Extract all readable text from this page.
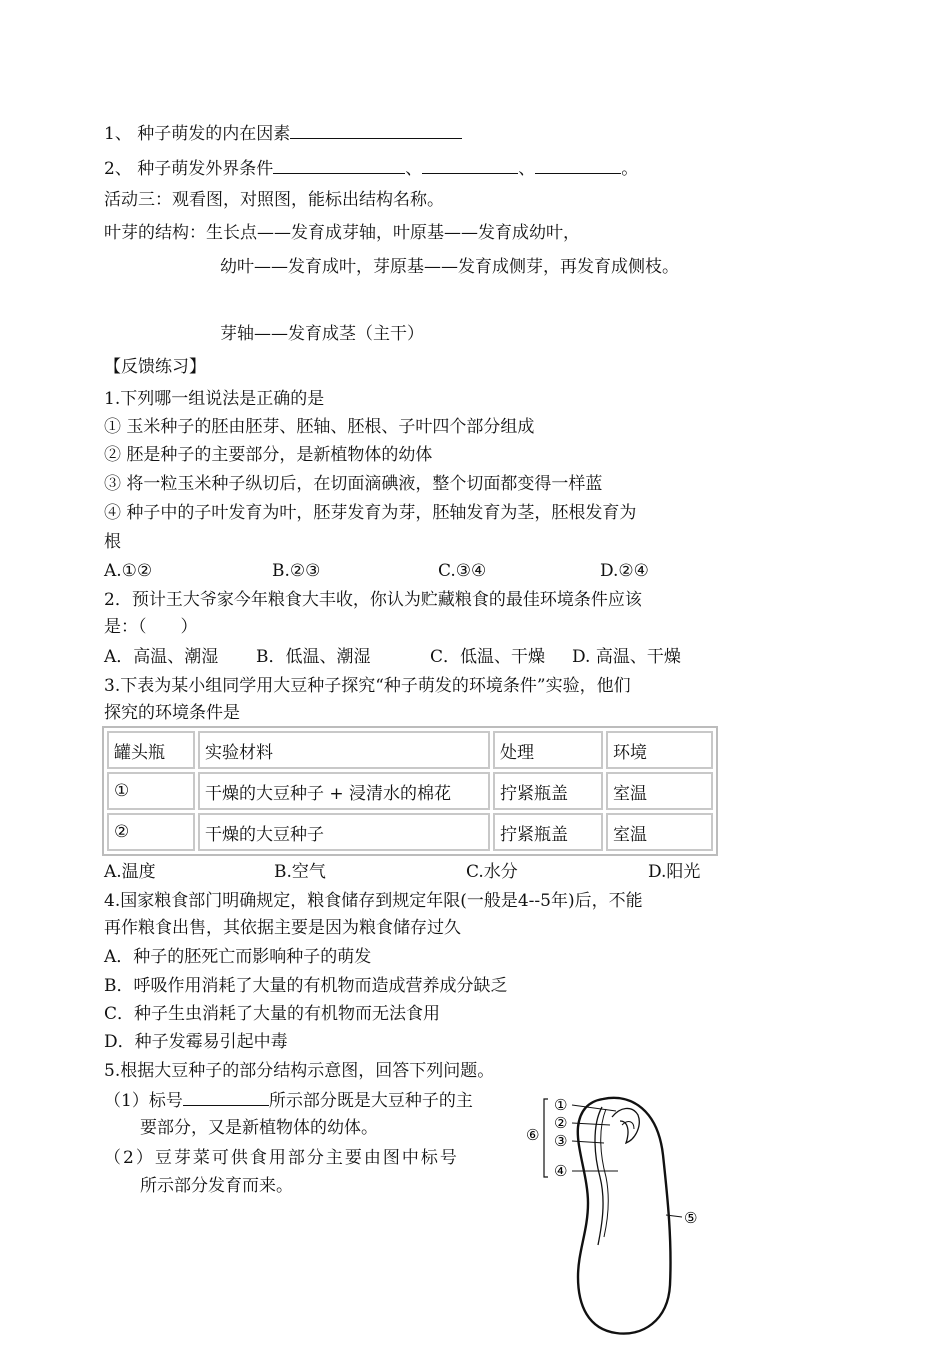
1、 种子萌发的内在因素
2、 种子萌发外界条件	、	、	。
活动三：观看图，对照图，能标出结构名称。
叶芽的结构：生长点——发育成芽轴，叶原基——发育成幼叶，
幼叶——发育成叶，芽原基——发育成侧芽，再发育成侧枝。
芽轴——发育成茎（主干）
【反馈练习】
1.下列哪一组说法是正确的是
① 玉米种子的胚由胚芽、胚轴、胚根、子叶四个部分组成
② 胚是种子的主要部分，是新植物体的幼体
③ 将一粒玉米种子纵切后，在切面滴碘液，整个切面都变得一样蓝
④ 种子中的子叶发育为叶，胚芽发育为芽，胚轴发育为茎，胚根发育为
根
A.①②	B.②③	C.③④	D.②④
2．预计王大爷家今年粮食大丰收，你认为贮藏粮食的最佳环境条件应该
是：（　　）
A．高温、潮湿 B．低温、潮湿	C．低温、干燥 D. 高温、干燥
3.下表为某小组同学用大豆种子探究“种子萌发的环境条件”实验，他们
探究的环境条件是
罐头瓶	实验材料	处理	环境
①	干燥的大豆种子 + 浸清水的棉花	拧紧瓶盖	室温
②	干燥的大豆种子	拧紧瓶盖	室温
A.温度	B.空气	C.水分	D.阳光
4.国家粮食部门明确规定，粮食储存到规定年限(一般是4--5年)后，不能
再作粮食出售，其依据主要是因为粮食储存过久
A．种子的胚死亡而影响种子的萌发
B．呼吸作用消耗了大量的有机物而造成营养成分缺乏
C．种子生虫消耗了大量的有机物而无法食用
D．种子发霉易引起中毒
5.根据大豆种子的部分结构示意图，回答下列问题。
（1）标号	所示部分既是大豆种子的主
要部分，又是新植物体的幼体。
（2）豆芽菜可供食用部分主要由图中标号
所示部分发育而来。
①
②
③
④
⑤
⑥
